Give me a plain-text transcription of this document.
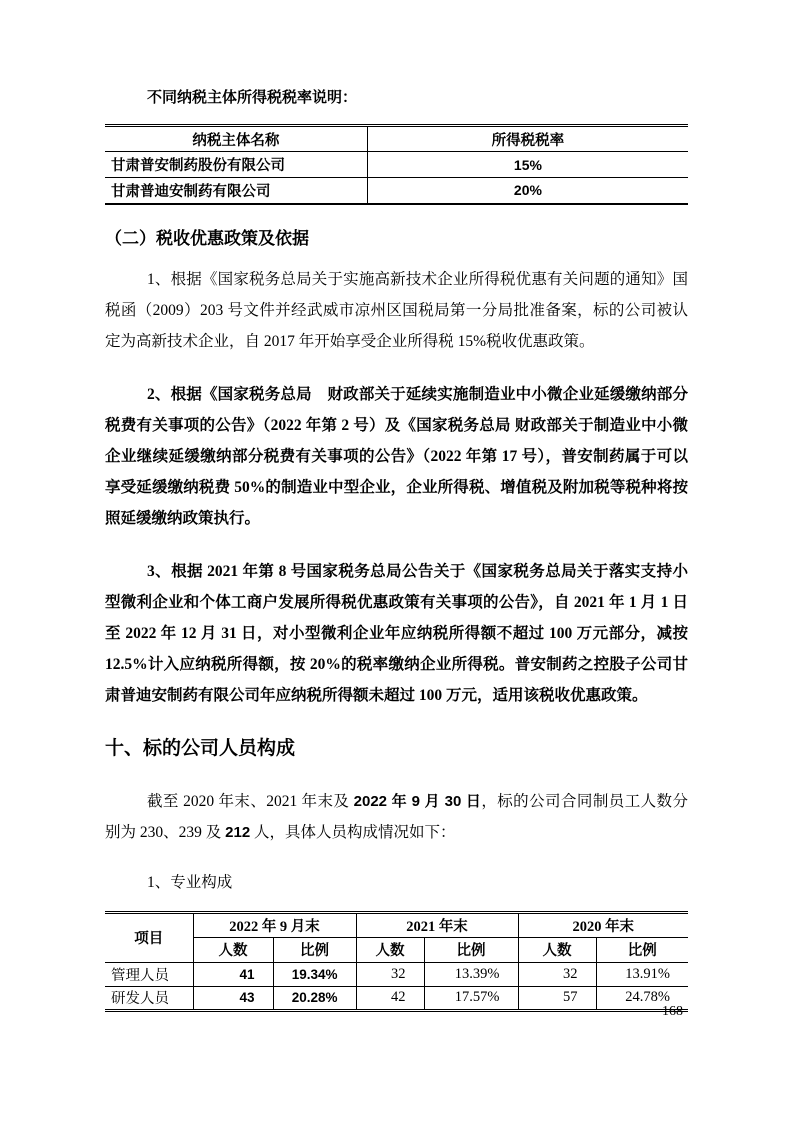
不同纳税主体所得税税率说明：

纳税主体名称	所得税税率
甘肃普安制药股份有限公司	15%
甘肃普迪安制药有限公司	20%
（二）税收优惠政策及依据

1、根据《国家税务总局关于实施高新技术企业所得税优惠有关问题的通知》国税函（2009）203 号文件并经武威市凉州区国税局第一分局批准备案，标的公司被认定为高新技术企业，自 2017 年开始享受企业所得税 15%税收优惠政策。

2、根据《国家税务总局　财政部关于延续实施制造业中小微企业延缓缴纳部分税费有关事项的公告》（2022 年第 2 号）及《国家税务总局 财政部关于制造业中小微企业继续延缓缴纳部分税费有关事项的公告》（2022 年第 17 号），普安制药属于可以享受延缓缴纳税费 50%的制造业中型企业，企业所得税、增值税及附加税等税种将按照延缓缴纳政策执行。

3、根据 2021 年第 8 号国家税务总局公告关于《国家税务总局关于落实支持小型微利企业和个体工商户发展所得税优惠政策有关事项的公告》，自 2021 年 1 月 1 日至 2022 年 12 月 31 日，对小型微利企业年应纳税所得额不超过 100 万元部分，减按 12.5%计入应纳税所得额，按 20%的税率缴纳企业所得税。普安制药之控股子公司甘肃普迪安制药有限公司年应纳税所得额未超过 100 万元，适用该税收优惠政策。

十、标的公司人员构成

截至 2020 年末、2021 年末及 2022 年 9 月 30 日，标的公司合同制员工人数分别为 230、239 及 212 人，具体人员构成情况如下：

1、专业构成

项目	2022 年 9 月末		2021 年末		2020 年末	
	人数	比例	人数	比例	人数	比例
管理人员	41	19.34%	32	13.39%	32	13.91%
研发人员	43	20.28%	42	17.57%	57	24.78%
168
